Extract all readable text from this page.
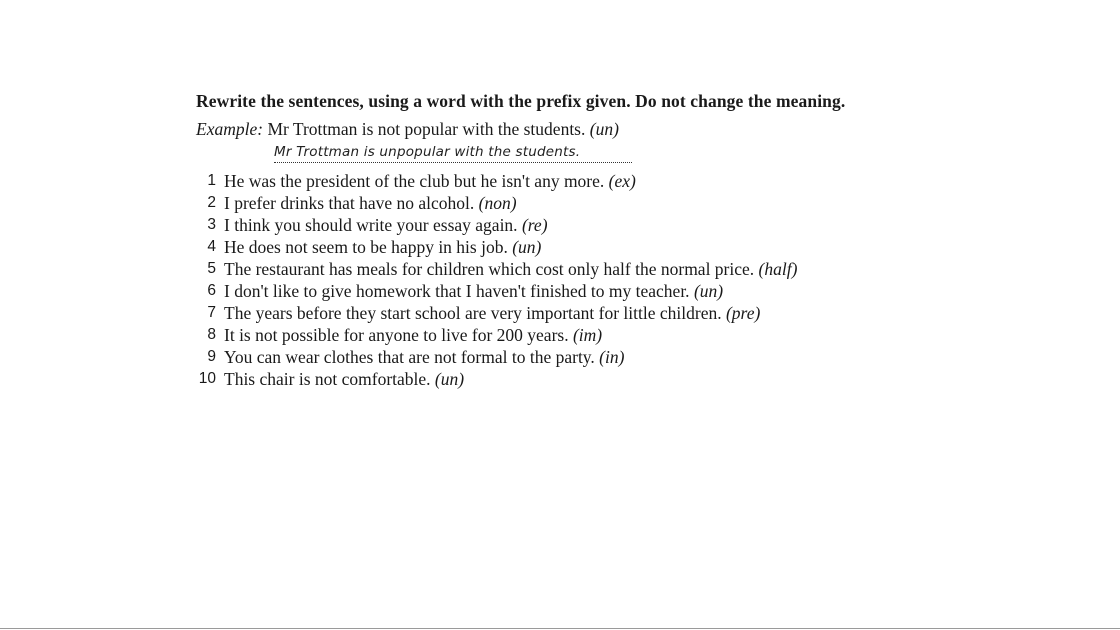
Rewrite the sentences, using a word with the prefix given. Do not change the meaning.
Example: Mr Trottman is not popular with the students. (un)
Mr Trottman is unpopular with the students.
1 He was the president of the club but he isn't any more. (ex)
2 I prefer drinks that have no alcohol. (non)
3 I think you should write your essay again. (re)
4 He does not seem to be happy in his job. (un)
5 The restaurant has meals for children which cost only half the normal price. (half)
6 I don't like to give homework that I haven't finished to my teacher. (un)
7 The years before they start school are very important for little children. (pre)
8 It is not possible for anyone to live for 200 years. (im)
9 You can wear clothes that are not formal to the party. (in)
10 This chair is not comfortable. (un)
